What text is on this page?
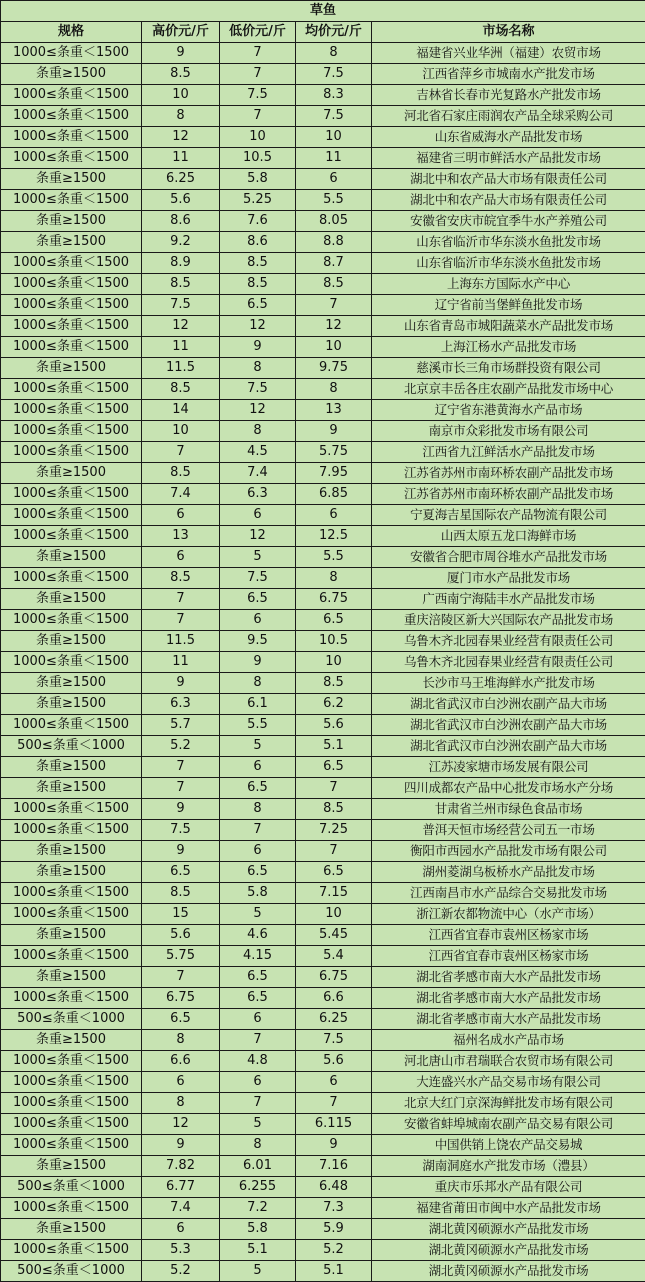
草鱼				
规格	高价元/斤	低价元/斤	均价元/斤	市场名称
1000≤条重＜1500	9	7	8	福建省兴业华洲（福建）农贸市场
条重≥1500	8.5	7	7.5	江西省萍乡市城南水产批发市场
1000≤条重＜1500	10	7.5	8.3	吉林省长春市光复路水产批发市场
1000≤条重＜1500	8	7	7.5	河北省石家庄雨润农产品全球采购公司
1000≤条重＜1500	12	10	10	山东省威海水产品批发市场
1000≤条重＜1500	11	10.5	11	福建省三明市鲜活水产品批发市场
条重≥1500	6.25	5.8	6	湖北中和农产品大市场有限责任公司
1000≤条重＜1500	5.6	5.25	5.5	湖北中和农产品大市场有限责任公司
条重≥1500	8.6	7.6	8.05	安徽省安庆市皖宜季牛水产养殖公司
条重≥1500	9.2	8.6	8.8	山东省临沂市华东淡水鱼批发市场
1000≤条重＜1500	8.9	8.5	8.7	山东省临沂市华东淡水鱼批发市场
1000≤条重＜1500	8.5	8.5	8.5	上海东方国际水产中心
1000≤条重＜1500	7.5	6.5	7	辽宁省前当堡鲜鱼批发市场
1000≤条重＜1500	12	12	12	山东省青岛市城阳蔬菜水产品批发市场
1000≤条重＜1500	11	9	10	上海江杨水产品批发市场
条重≥1500	11.5	8	9.75	慈溪市长三角市场群投资有限公司
1000≤条重＜1500	8.5	7.5	8	北京京丰岳各庄农副产品批发市场中心
1000≤条重＜1500	14	12	13	辽宁省东港黄海水产品市场
1000≤条重＜1500	10	8	9	南京市众彩批发市场有限公司
1000≤条重＜1500	7	4.5	5.75	江西省九江鲜活水产品批发市场
条重≥1500	8.5	7.4	7.95	江苏省苏州市南环桥农副产品批发市场
1000≤条重＜1500	7.4	6.3	6.85	江苏省苏州市南环桥农副产品批发市场
1000≤条重＜1500	6	6	6	宁夏海吉星国际农产品物流有限公司
1000≤条重＜1500	13	12	12.5	山西太原五龙口海鲜市场
条重≥1500	6	5	5.5	安徽省合肥市周谷堆水产品批发市场
1000≤条重＜1500	8.5	7.5	8	厦门市水产品批发市场
条重≥1500	7	6.5	6.75	广西南宁海陆丰水产品批发市场
1000≤条重＜1500	7	6	6.5	重庆涪陵区新大兴国际农产品批发市场
条重≥1500	11.5	9.5	10.5	乌鲁木齐北园春果业经营有限责任公司
1000≤条重＜1500	11	9	10	乌鲁木齐北园春果业经营有限责任公司
条重≥1500	9	8	8.5	长沙市马王堆海鲜水产批发市场
条重≥1500	6.3	6.1	6.2	湖北省武汉市白沙洲农副产品大市场
1000≤条重＜1500	5.7	5.5	5.6	湖北省武汉市白沙洲农副产品大市场
500≤条重＜1000	5.2	5	5.1	湖北省武汉市白沙洲农副产品大市场
条重≥1500	7	6	6.5	江苏凌家塘市场发展有限公司
条重≥1500	7	6.5	7	四川成都农产品中心批发市场水产分场
1000≤条重＜1500	9	8	8.5	甘肃省兰州市绿色食品市场
1000≤条重＜1500	7.5	7	7.25	普洱天恒市场经营公司五一市场
条重≥1500	9	6	7	衡阳市西园水产品批发市场有限公司
条重≥1500	6.5	6.5	6.5	湖州菱湖乌板桥水产品批发市场
1000≤条重＜1500	8.5	5.8	7.15	江西南昌市水产品综合交易批发市场
1000≤条重＜1500	15	5	10	浙江新农都物流中心（水产市场）
条重≥1500	5.6	4.6	5.45	江西省宜春市袁州区杨家市场
1000≤条重＜1500	5.75	4.15	5.4	江西省宜春市袁州区杨家市场
条重≥1500	7	6.5	6.75	湖北省孝感市南大水产品批发市场
1000≤条重＜1500	6.75	6.5	6.6	湖北省孝感市南大水产品批发市场
500≤条重＜1000	6.5	6	6.25	湖北省孝感市南大水产品批发市场
条重≥1500	8	7	7.5	福州名成水产品市场
1000≤条重＜1500	6.6	4.8	5.6	河北唐山市君瑞联合农贸市场有限公司
1000≤条重＜1500	6	6	6	大连盛兴水产品交易市场有限公司
1000≤条重＜1500	8	7	7	北京大红门京深海鲜批发市场有限公司
1000≤条重＜1500	12	5	6.115	安徽省蚌埠城南农副产品交易有限公司
1000≤条重＜1500	9	8	9	中国供销上饶农产品交易城
条重≥1500	7.82	6.01	7.16	湖南洞庭水产批发市场（澧县）
500≤条重＜1000	6.77	6.255	6.48	重庆市乐邦水产品有限公司
1000≤条重＜1500	7.4	7.2	7.3	福建省莆田市闽中水产品批发市场
条重≥1500	6	5.8	5.9	湖北黄冈硕源水产品批发市场
1000≤条重＜1500	5.3	5.1	5.2	湖北黄冈硕源水产品批发市场
500≤条重＜1000	5.2	5	5.1	湖北黄冈硕源水产品批发市场
